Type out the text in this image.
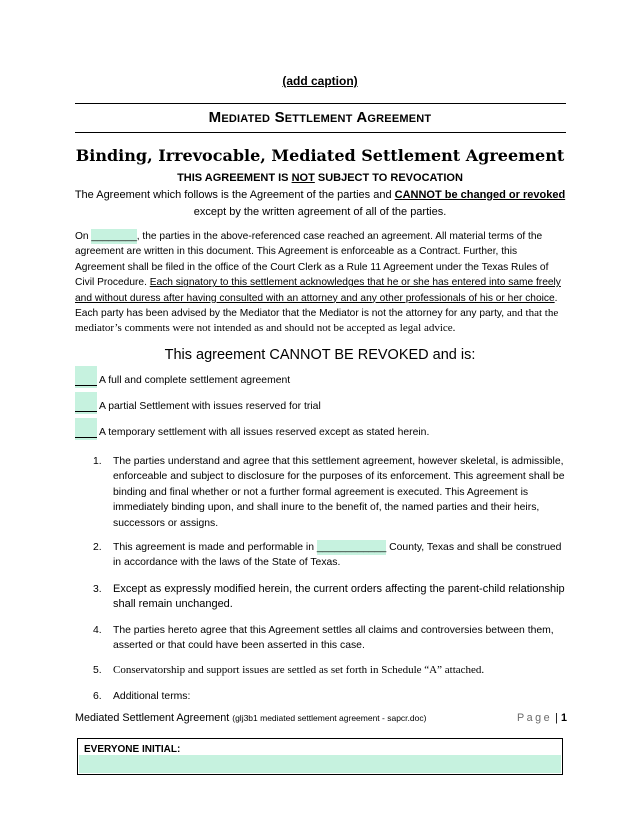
(add caption)
Mediated Settlement Agreement
Binding, Irrevocable, Mediated Settlement Agreement
THIS AGREEMENT IS NOT SUBJECT TO REVOCATION
The Agreement which follows is the Agreement of the parties and CANNOT be changed or revoked
except by the written agreement of all of the parties.
On ________, the parties in the above-referenced case reached an agreement. All material terms of the agreement are written in this document. This Agreement is enforceable as a Contract. Further, this Agreement shall be filed in the office of the Court Clerk as a Rule 11 Agreement under the Texas Rules of Civil Procedure. Each signatory to this settlement acknowledges that he or she has entered into same freely and without duress after having consulted with an attorney and any other professionals of his or her choice. Each party has been advised by the Mediator that the Mediator is not the attorney for any party, and that the mediator’s comments were not intended as and should not be accepted as legal advice.
This agreement CANNOT BE REVOKED and is:
A full and complete settlement agreement
A partial Settlement with issues reserved for trial
A temporary settlement with all issues reserved except as stated herein.
1. The parties understand and agree that this settlement agreement, however skeletal, is admissible, enforceable and subject to disclosure for the purposes of its enforcement. This agreement shall be binding and final whether or not a further formal agreement is executed. This Agreement is immediately binding upon, and shall inure to the benefit of, the named parties and their heirs, successors or assigns.
2. This agreement is made and performable in ____________ County, Texas and shall be construed in accordance with the laws of the State of Texas.
3. Except as expressly modified herein, the current orders affecting the parent-child relationship shall remain unchanged.
4. The parties hereto agree that this Agreement settles all claims and controversies between them, asserted or that could have been asserted in this case.
5. Conservatorship and support issues are settled as set forth in Schedule “A” attached.
6. Additional terms:
Mediated Settlement Agreement (glj3b1 mediated settlement agreement - sapcr.doc)	Page | 1
EVERYONE INITIAL:
